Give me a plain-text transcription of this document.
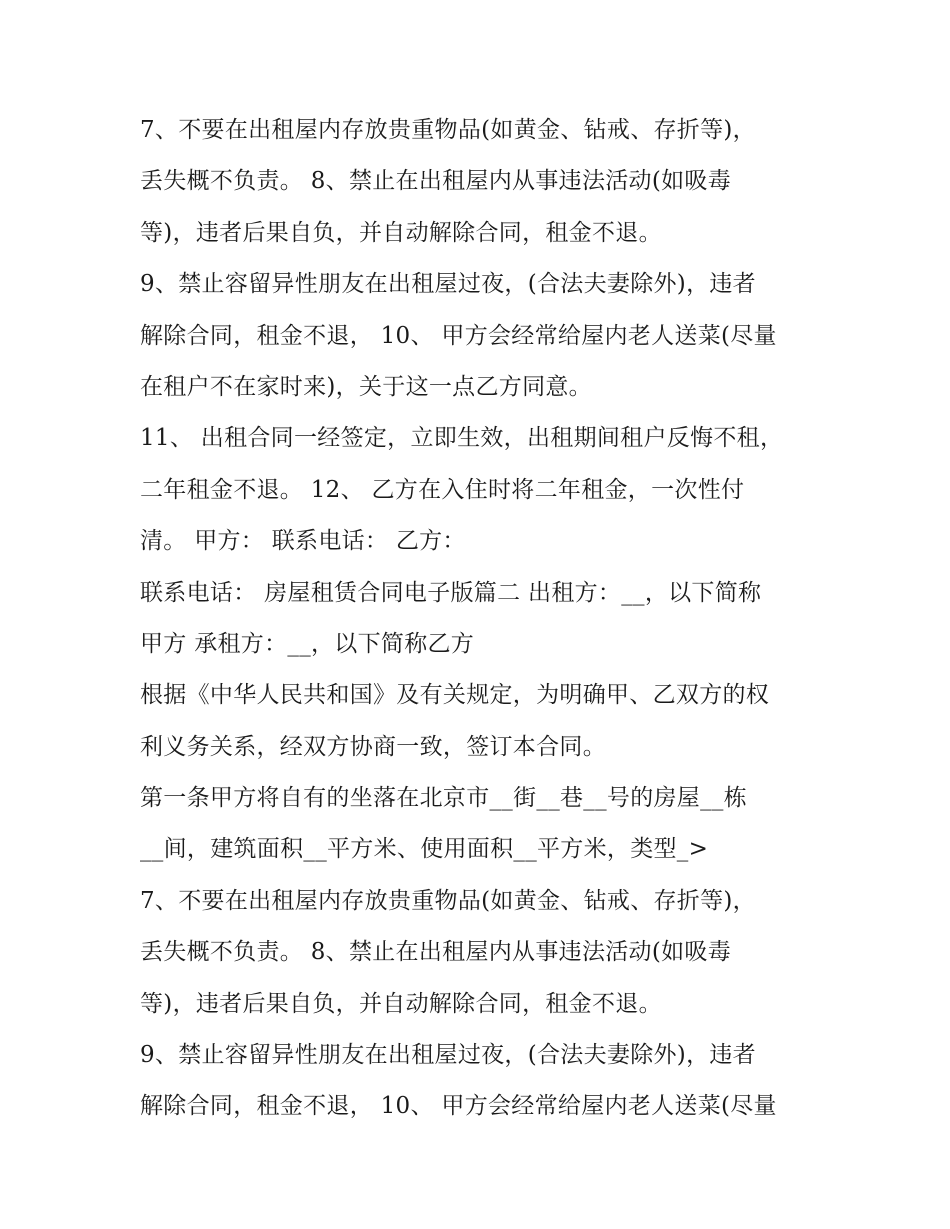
7、不要在出租屋内存放贵重物品(如黄金、钻戒、存折等)，
丢失概不负责。 8、禁止在出租屋内从事违法活动(如吸毒
等)，违者后果自负，并自动解除合同，租金不退。
9、禁止容留异性朋友在出租屋过夜，(合法夫妻除外)，违者
解除合同，租金不退， 10、 甲方会经常给屋内老人送菜(尽量
在租户不在家时来)，关于这一点乙方同意。
11、 出租合同一经签定，立即生效，出租期间租户反悔不租，
二年租金不退。 12、 乙方在入住时将二年租金，一次性付
清。 甲方： 联系电话： 乙方：
联系电话： 房屋租赁合同电子版篇二 出租方：__，以下简称
甲方 承租方：__，以下简称乙方
根据《中华人民共和国》及有关规定，为明确甲、乙双方的权
利义务关系，经双方协商一致，签订本合同。
第一条甲方将自有的坐落在北京市__街__巷__号的房屋__栋
__间，建筑面积__平方米、使用面积__平方米，类型_>
7、不要在出租屋内存放贵重物品(如黄金、钻戒、存折等)，
丢失概不负责。 8、禁止在出租屋内从事违法活动(如吸毒
等)，违者后果自负，并自动解除合同，租金不退。
9、禁止容留异性朋友在出租屋过夜，(合法夫妻除外)，违者
解除合同，租金不退， 10、 甲方会经常给屋内老人送菜(尽量
